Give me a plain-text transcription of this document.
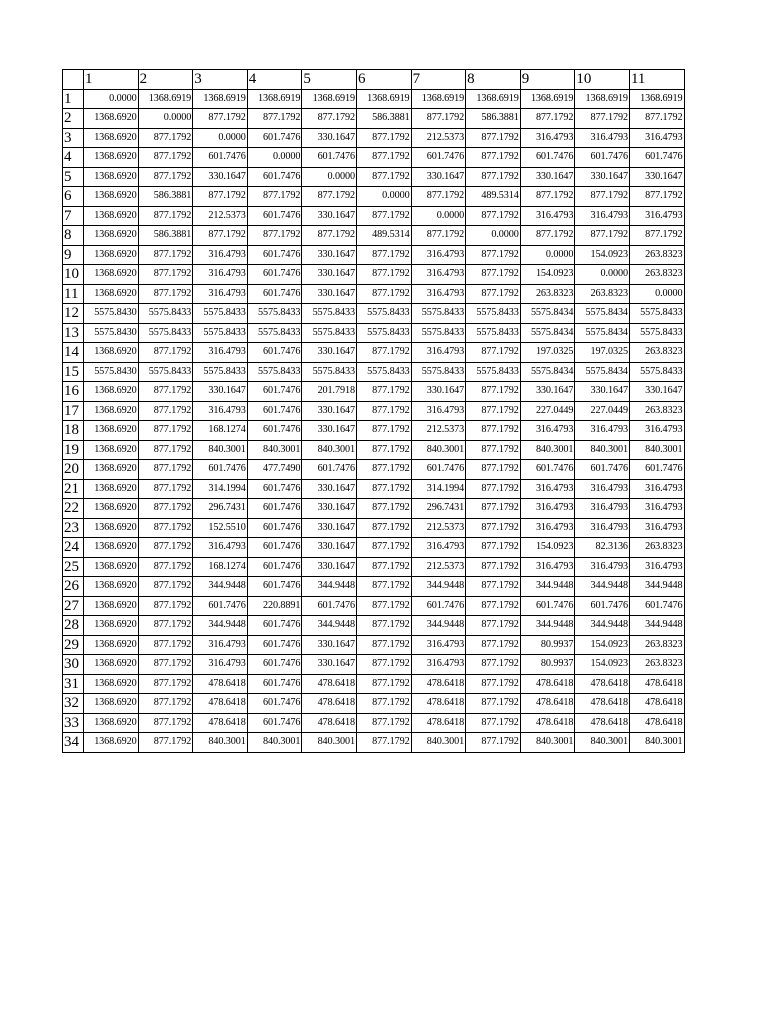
	1	2	3	4	5	6	7	8	9	10	11
1	0.0000	1368.6919	1368.6919	1368.6919	1368.6919	1368.6919	1368.6919	1368.6919	1368.6919	1368.6919	1368.6919
2	1368.6920	0.0000	877.1792	877.1792	877.1792	586.3881	877.1792	586.3881	877.1792	877.1792	877.1792
3	1368.6920	877.1792	0.0000	601.7476	330.1647	877.1792	212.5373	877.1792	316.4793	316.4793	316.4793
4	1368.6920	877.1792	601.7476	0.0000	601.7476	877.1792	601.7476	877.1792	601.7476	601.7476	601.7476
5	1368.6920	877.1792	330.1647	601.7476	0.0000	877.1792	330.1647	877.1792	330.1647	330.1647	330.1647
6	1368.6920	586.3881	877.1792	877.1792	877.1792	0.0000	877.1792	489.5314	877.1792	877.1792	877.1792
7	1368.6920	877.1792	212.5373	601.7476	330.1647	877.1792	0.0000	877.1792	316.4793	316.4793	316.4793
8	1368.6920	586.3881	877.1792	877.1792	877.1792	489.5314	877.1792	0.0000	877.1792	877.1792	877.1792
9	1368.6920	877.1792	316.4793	601.7476	330.1647	877.1792	316.4793	877.1792	0.0000	154.0923	263.8323
10	1368.6920	877.1792	316.4793	601.7476	330.1647	877.1792	316.4793	877.1792	154.0923	0.0000	263.8323
11	1368.6920	877.1792	316.4793	601.7476	330.1647	877.1792	316.4793	877.1792	263.8323	263.8323	0.0000
12	5575.8430	5575.8433	5575.8433	5575.8433	5575.8433	5575.8433	5575.8433	5575.8433	5575.8434	5575.8434	5575.8433
13	5575.8430	5575.8433	5575.8433	5575.8433	5575.8433	5575.8433	5575.8433	5575.8433	5575.8434	5575.8434	5575.8433
14	1368.6920	877.1792	316.4793	601.7476	330.1647	877.1792	316.4793	877.1792	197.0325	197.0325	263.8323
15	5575.8430	5575.8433	5575.8433	5575.8433	5575.8433	5575.8433	5575.8433	5575.8433	5575.8434	5575.8434	5575.8433
16	1368.6920	877.1792	330.1647	601.7476	201.7918	877.1792	330.1647	877.1792	330.1647	330.1647	330.1647
17	1368.6920	877.1792	316.4793	601.7476	330.1647	877.1792	316.4793	877.1792	227.0449	227.0449	263.8323
18	1368.6920	877.1792	168.1274	601.7476	330.1647	877.1792	212.5373	877.1792	316.4793	316.4793	316.4793
19	1368.6920	877.1792	840.3001	840.3001	840.3001	877.1792	840.3001	877.1792	840.3001	840.3001	840.3001
20	1368.6920	877.1792	601.7476	477.7490	601.7476	877.1792	601.7476	877.1792	601.7476	601.7476	601.7476
21	1368.6920	877.1792	314.1994	601.7476	330.1647	877.1792	314.1994	877.1792	316.4793	316.4793	316.4793
22	1368.6920	877.1792	296.7431	601.7476	330.1647	877.1792	296.7431	877.1792	316.4793	316.4793	316.4793
23	1368.6920	877.1792	152.5510	601.7476	330.1647	877.1792	212.5373	877.1792	316.4793	316.4793	316.4793
24	1368.6920	877.1792	316.4793	601.7476	330.1647	877.1792	316.4793	877.1792	154.0923	82.3136	263.8323
25	1368.6920	877.1792	168.1274	601.7476	330.1647	877.1792	212.5373	877.1792	316.4793	316.4793	316.4793
26	1368.6920	877.1792	344.9448	601.7476	344.9448	877.1792	344.9448	877.1792	344.9448	344.9448	344.9448
27	1368.6920	877.1792	601.7476	220.8891	601.7476	877.1792	601.7476	877.1792	601.7476	601.7476	601.7476
28	1368.6920	877.1792	344.9448	601.7476	344.9448	877.1792	344.9448	877.1792	344.9448	344.9448	344.9448
29	1368.6920	877.1792	316.4793	601.7476	330.1647	877.1792	316.4793	877.1792	80.9937	154.0923	263.8323
30	1368.6920	877.1792	316.4793	601.7476	330.1647	877.1792	316.4793	877.1792	80.9937	154.0923	263.8323
31	1368.6920	877.1792	478.6418	601.7476	478.6418	877.1792	478.6418	877.1792	478.6418	478.6418	478.6418
32	1368.6920	877.1792	478.6418	601.7476	478.6418	877.1792	478.6418	877.1792	478.6418	478.6418	478.6418
33	1368.6920	877.1792	478.6418	601.7476	478.6418	877.1792	478.6418	877.1792	478.6418	478.6418	478.6418
34	1368.6920	877.1792	840.3001	840.3001	840.3001	877.1792	840.3001	877.1792	840.3001	840.3001	840.3001
